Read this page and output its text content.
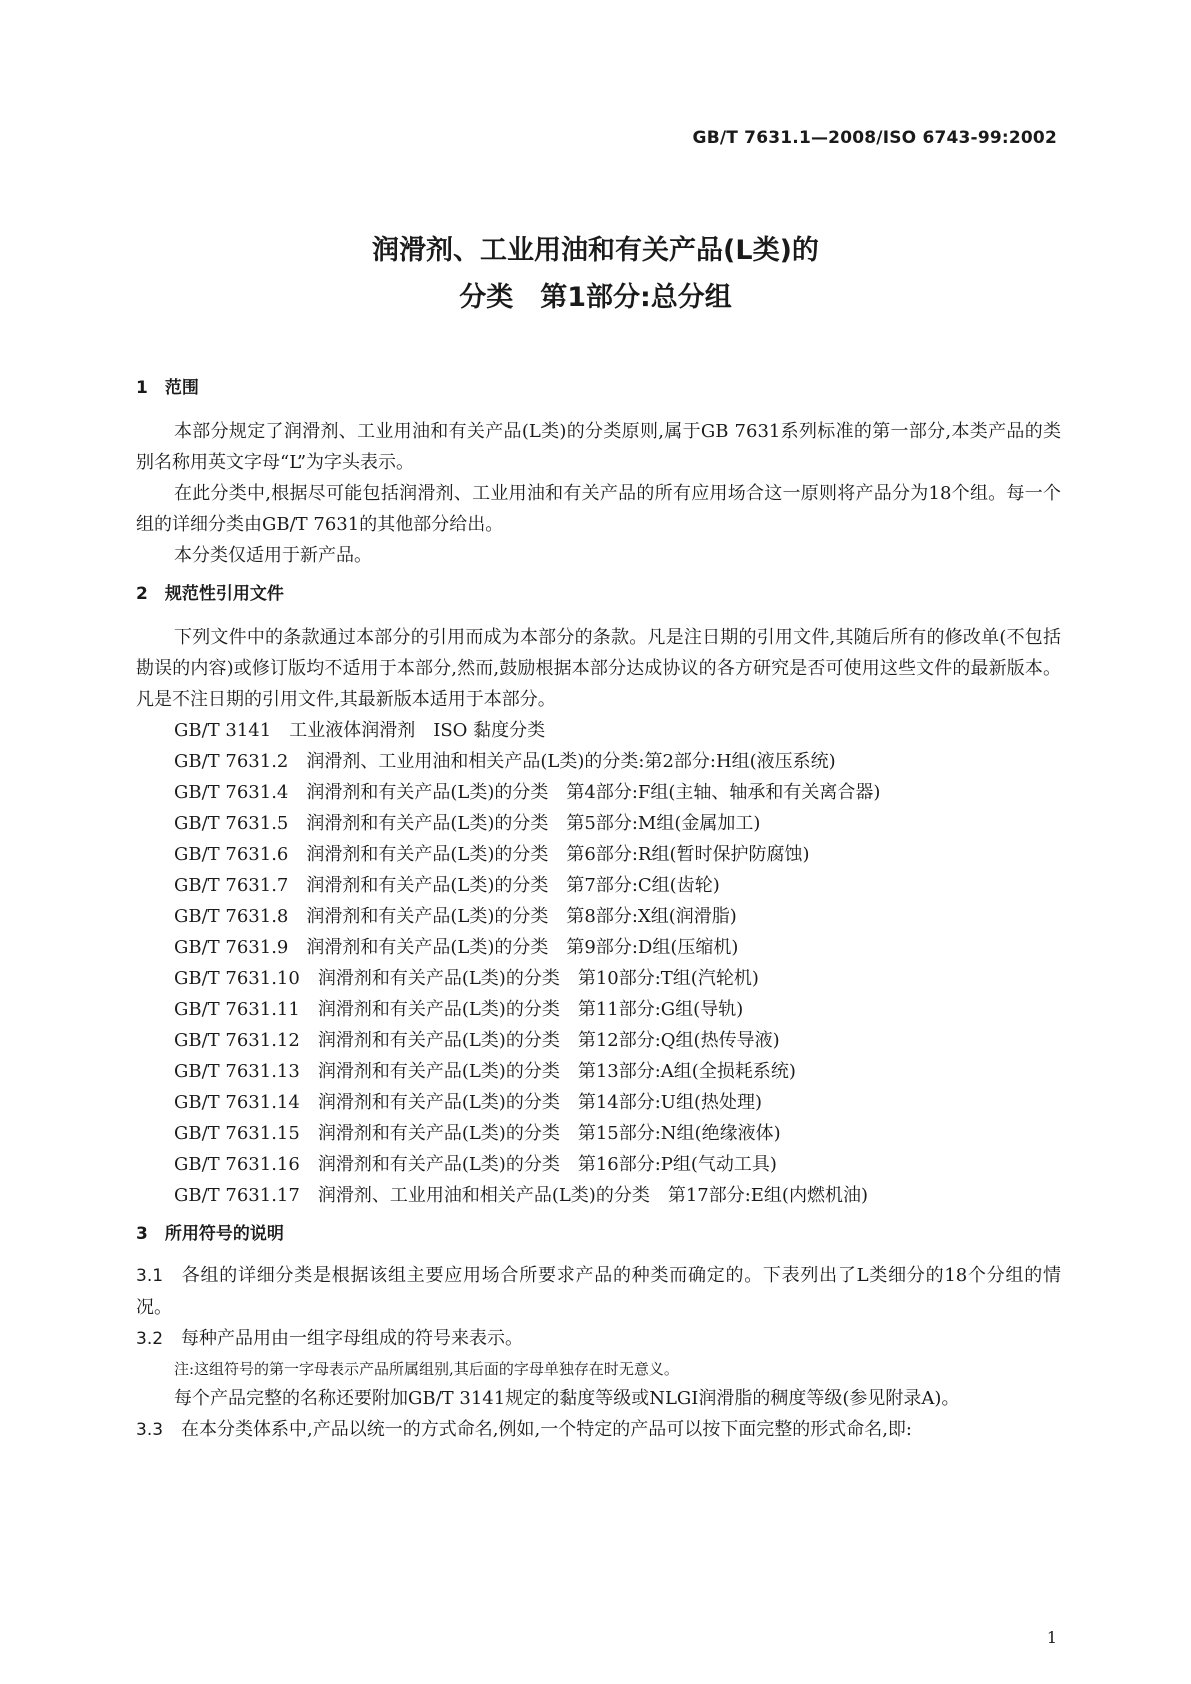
GB/T 7631.1—2008/ISO 6743-99:2002
润滑剂、工业用油和有关产品(L类)的
分类　第1部分:总分组
1　范围

本部分规定了润滑剂、工业用油和有关产品(L类)的分类原则,属于GB 7631系列标准的第一部分,本类产品的类别名称用英文字母“L”为字头表示。

在此分类中,根据尽可能包括润滑剂、工业用油和有关产品的所有应用场合这一原则将产品分为18个组。每一个组的详细分类由GB/T 7631的其他部分给出。

本分类仅适用于新产品。

2　规范性引用文件

下列文件中的条款通过本部分的引用而成为本部分的条款。凡是注日期的引用文件,其随后所有的修改单(不包括勘误的内容)或修订版均不适用于本部分,然而,鼓励根据本部分达成协议的各方研究是否可使用这些文件的最新版本。凡是不注日期的引用文件,其最新版本适用于本部分。

GB/T 3141　工业液体润滑剂　ISO 黏度分类

GB/T 7631.2　润滑剂、工业用油和相关产品(L类)的分类:第2部分:H组(液压系统)

GB/T 7631.4　润滑剂和有关产品(L类)的分类　第4部分:F组(主轴、轴承和有关离合器)

GB/T 7631.5　润滑剂和有关产品(L类)的分类　第5部分:M组(金属加工)

GB/T 7631.6　润滑剂和有关产品(L类)的分类　第6部分:R组(暂时保护防腐蚀)

GB/T 7631.7　润滑剂和有关产品(L类)的分类　第7部分:C组(齿轮)

GB/T 7631.8　润滑剂和有关产品(L类)的分类　第8部分:X组(润滑脂)

GB/T 7631.9　润滑剂和有关产品(L类)的分类　第9部分:D组(压缩机)

GB/T 7631.10　润滑剂和有关产品(L类)的分类　第10部分:T组(汽轮机)

GB/T 7631.11　润滑剂和有关产品(L类)的分类　第11部分:G组(导轨)

GB/T 7631.12　润滑剂和有关产品(L类)的分类　第12部分:Q组(热传导液)

GB/T 7631.13　润滑剂和有关产品(L类)的分类　第13部分:A组(全损耗系统)

GB/T 7631.14　润滑剂和有关产品(L类)的分类　第14部分:U组(热处理)

GB/T 7631.15　润滑剂和有关产品(L类)的分类　第15部分:N组(绝缘液体)

GB/T 7631.16　润滑剂和有关产品(L类)的分类　第16部分:P组(气动工具)

GB/T 7631.17　润滑剂、工业用油和相关产品(L类)的分类　第17部分:E组(内燃机油)

3　所用符号的说明

3.1 各组的详细分类是根据该组主要应用场合所要求产品的种类而确定的。下表列出了L类细分的18个分组的情况。

3.2 每种产品用由一组字母组成的符号来表示。

注:这组符号的第一字母表示产品所属组别,其后面的字母单独存在时无意义。

每个产品完整的名称还要附加GB/T 3141规定的黏度等级或NLGI润滑脂的稠度等级(参见附录A)。

3.3 在本分类体系中,产品以统一的方式命名,例如,一个特定的产品可以按下面完整的形式命名,即:

1
